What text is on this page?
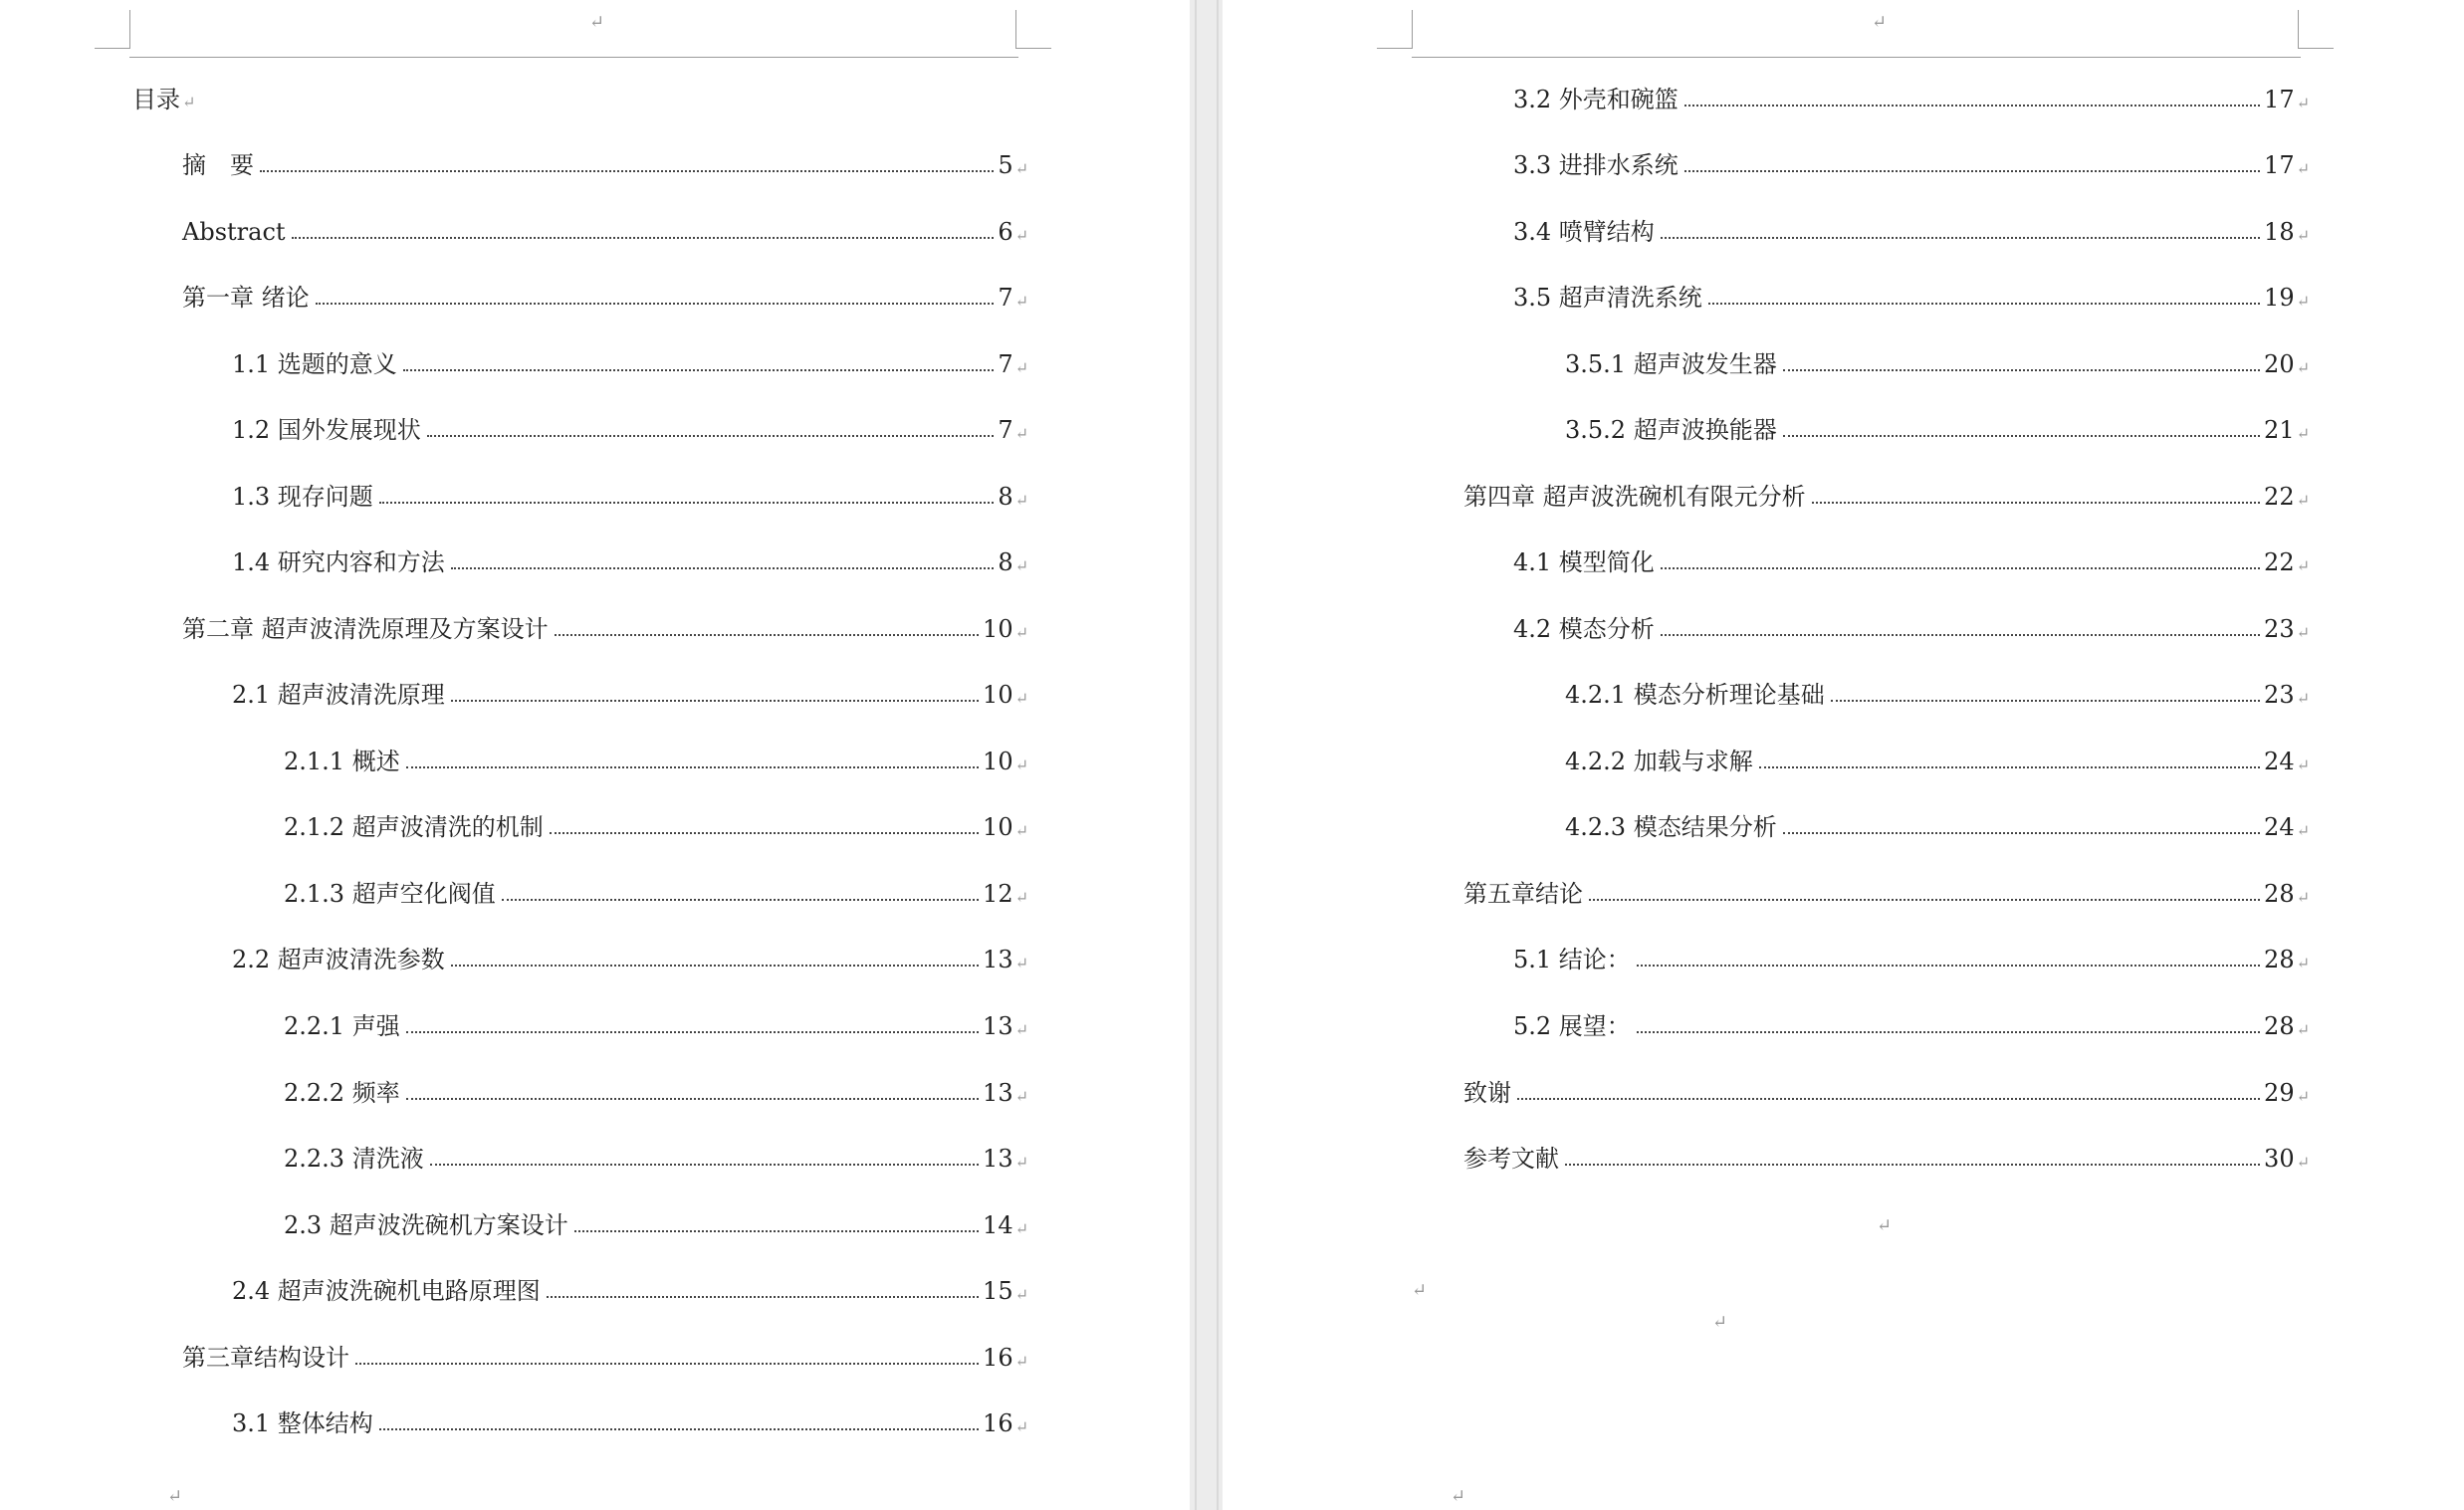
↵
目录 ↵
摘　要	5 ↵
Abstract	6 ↵
第一章 绪论	7 ↵
1.1 选题的意义	7 ↵
1.2 国外发展现状	7 ↵
1.3 现存问题	8 ↵
1.4 研究内容和方法	8 ↵
第二章 超声波清洗原理及方案设计	10 ↵
2.1 超声波清洗原理	10 ↵
2.1.1 概述	10 ↵
2.1.2 超声波清洗的机制	10 ↵
2.1.3 超声空化阀值	12 ↵
2.2 超声波清洗参数	13 ↵
2.2.1 声强	13 ↵
2.2.2 频率	13 ↵
2.2.3 清洗液	13 ↵
2.3 超声波洗碗机方案设计	14 ↵
2.4 超声波洗碗机电路原理图	15 ↵
第三章结构设计	16 ↵
3.1 整体结构	16 ↵
↵
↵
3.2 外壳和碗篮	17 ↵
3.3 进排水系统	17 ↵
3.4 喷臂结构	18 ↵
3.5 超声清洗系统	19 ↵
3.5.1 超声波发生器	20 ↵
3.5.2 超声波换能器	21 ↵
第四章 超声波洗碗机有限元分析	22 ↵
4.1 模型简化	22 ↵
4.2 模态分析	23 ↵
4.2.1 模态分析理论基础	23 ↵
4.2.2 加载与求解	24 ↵
4.2.3 模态结果分析	24 ↵
第五章结论	28 ↵
5.1 结论：	28 ↵
5.2 展望：	28 ↵
致谢	29 ↵
参考文献	30 ↵
↵
↵
↵
↵
